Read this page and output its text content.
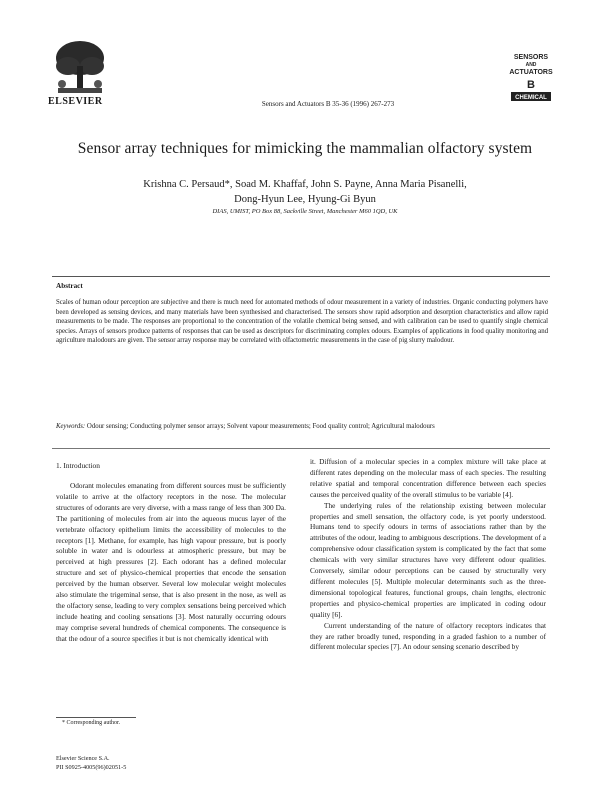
ELSEVIER	Sensors and Actuators B 35-36 (1996) 267-273
SENSORS
AND
ACTUATORS
B
CHEMICAL
Sensor array techniques for mimicking the mammalian olfactory system
Krishna C. Persaud*, Soad M. Khaffaf, John S. Payne, Anna Maria Pisanelli,
Dong-Hyun Lee, Hyung-Gi Byun
DIAS, UMIST, PO Box 88, Sackville Street, Manchester M60 1QD, UK
Abstract
Scales of human odour perception are subjective and there is much need for automated methods of odour measurement in a variety of industries. Organic conducting polymers have been developed as sensing devices, and many materials have been synthesised and characterised. The sensors show rapid adsorption and desorption characteristics and allow rapid measurements to be made. The responses are proportional to the concentration of the volatile chemical being sensed, and with calibration can be used to quantify single chemical species. Arrays of sensors produce patterns of responses that can be used as descriptors for discriminating complex odours. Examples of applications in food quality monitoring and agriculture malodours are given. The sensor array response may be correlated with olfactometric measurements in the case of pig slurry malodour.
Keywords: Odour sensing; Conducting polymer sensor arrays; Solvent vapour measurements; Food quality control; Agricultural malodours
1. Introduction

Odorant molecules emanating from different sources must be sufficiently volatile to arrive at the olfactory receptors in the nose. The molecular structures of odorants are very diverse, with a mass range of less than 300 Da. The partitioning of molecules from air into the aqueous mucus layer of the vertebrate olfactory epithelium limits the accessibility of molecules to the receptors [1]. Methane, for example, has high vapour pressure, but is poorly soluble in water and is odourless at atmospheric pressure, but may be perceived at high pressures [2]. Each odorant has a defined molecular structure and set of physico-chemical properties that encode the sensation perceived by the human observer. Several low molecular weight molecules also stimulate the trigeminal sense, that is also present in the nose, as well as the olfactory sense, leading to very complex sensations being perceived which include heating and cooling sensations [3]. Most naturally occurring odours may comprise several hundreds of chemical components. The consequence is that the odour of a source specifies it but is not chemically identical with

it. Diffusion of a molecular species in a complex mixture will take place at different rates depending on the molecular mass of each species. The resulting relative spatial and temporal concentration difference between each species causes the perceived quality of the overall stimulus to be variable [4].

The underlying rules of the relationship existing between molecular properties and smell sensation, the olfactory code, is yet poorly understood. Humans tend to specify odours in terms of associations rather than by the attributes of the odour, leading to ambiguous descriptions. The development of a comprehensive odour classification system is complicated by the fact that some chemicals with very similar structures have very different odour qualities. Conversely, similar odour perceptions can be caused by structurally very different molecules [5]. Multiple molecular determinants such as the three-dimensional topological features, functional groups, chain lengths, electronic properties and physico-chemical properties are implicated in coding odour quality [6].

Current understanding of the nature of olfactory receptors indicates that they are rather broadly tuned, responding in a graded fashion to a number of different molecular species [7]. An odour sensing scenario described by

* Corresponding author.
Elsevier Science S.A.
PII S0925-4005(96)02051-5
